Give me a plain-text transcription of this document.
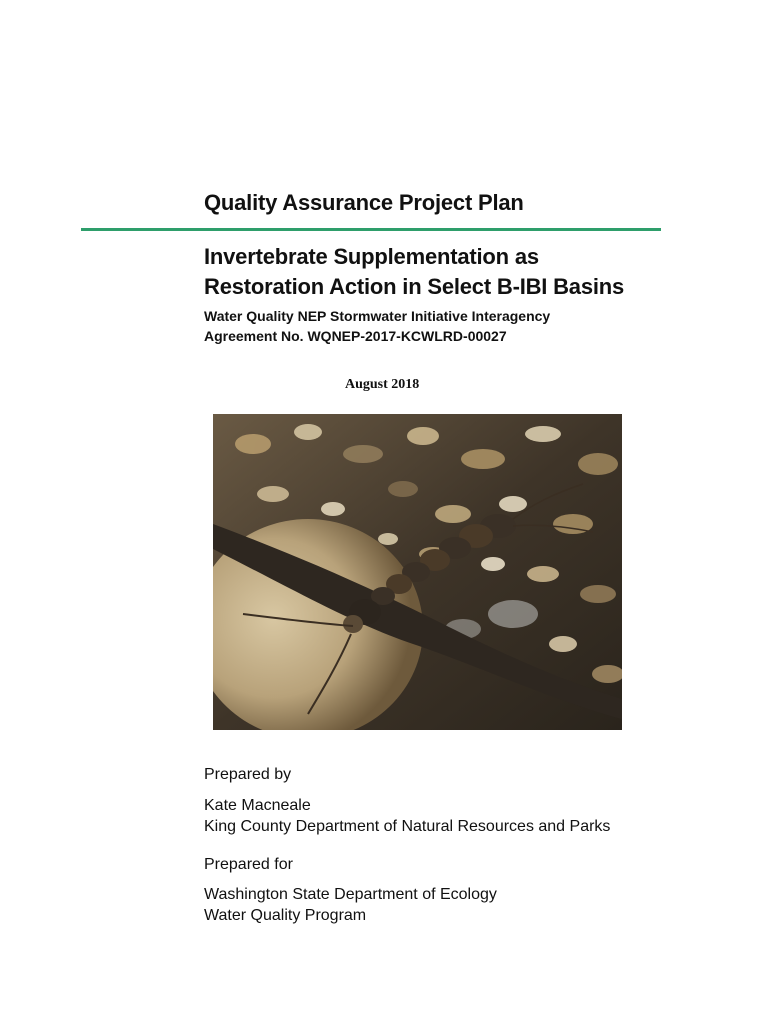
Quality Assurance Project Plan
Invertebrate Supplementation as
Restoration Action in Select B-IBI Basins

Water Quality NEP Stormwater Initiative Interagency
Agreement No. WQNEP-2017-KCWLRD-00027

August 2018

Prepared by

Kate Macneale
King County Department of Natural Resources and Parks

Prepared for

Washington State Department of Ecology
Water Quality Program
